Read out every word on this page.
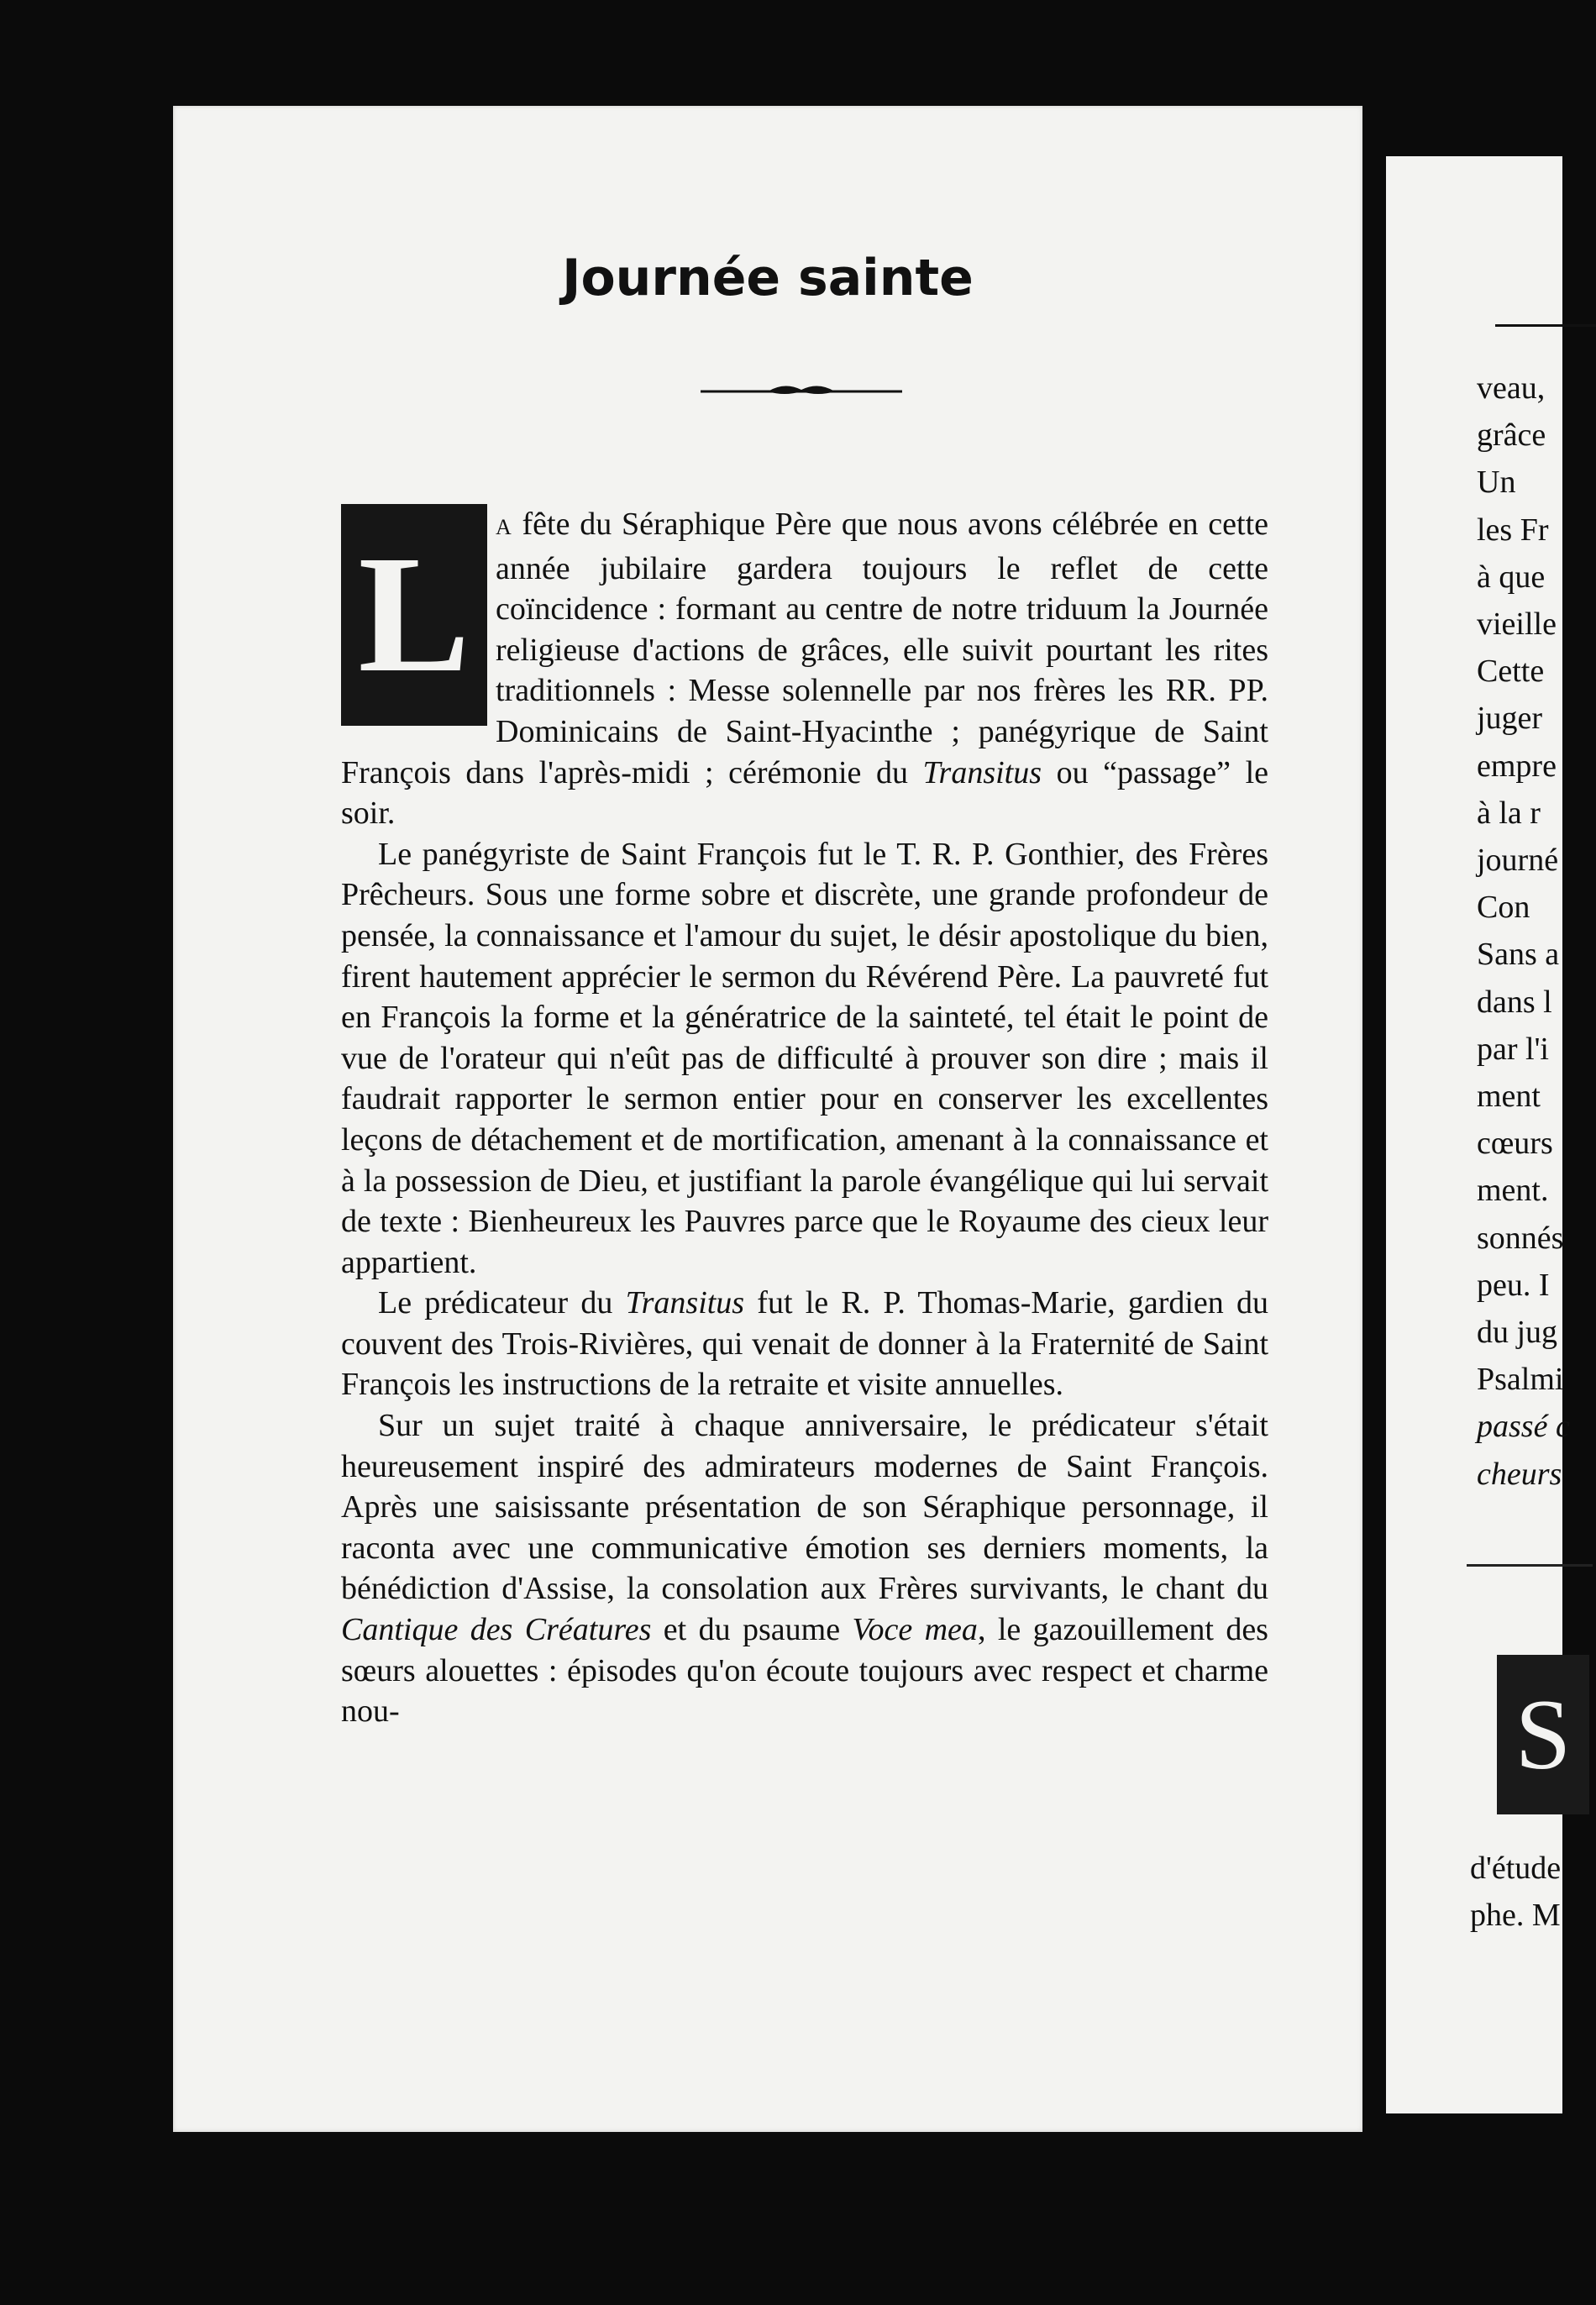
veau,
grâce
Un
les Fr
à que
vieille
Cette
juger
empre
à la r
journé
Con
Sans a
dans l
par l'i
ment
cœurs
ment.
sonnés
peu. I
du jug
Psalmi
passé c
cheurs
S
d'étude
phe. M
Journée sainte

L	A fête du Séraphique Père que nous avons célébrée en cette année jubilaire gardera toujours le reflet de cette coïncidence : formant au centre de notre triduum la Journée religieuse d'actions de grâces, elle suivit pourtant les rites traditionnels : Messe solennelle par nos frères les RR. PP. Dominicains de Saint-Hyacinthe ; panégyrique de Saint François dans l'après-midi ; cérémonie du Transitus ou “passage” le soir.

Le panégyriste de Saint François fut le T. R. P. Gonthier, des Frères Prêcheurs. Sous une forme sobre et discrète, une grande profondeur de pensée, la connaissance et l'amour du sujet, le désir apostolique du bien, firent hautement apprécier le sermon du Révérend Père. La pauvreté fut en François la forme et la génératrice de la sainteté, tel était le point de vue de l'orateur qui n'eût pas de difficulté à prouver son dire ; mais il faudrait rapporter le sermon entier pour en conserver les excellentes leçons de détachement et de mortification, amenant à la connaissance et à la possession de Dieu, et justifiant la parole évangélique qui lui servait de texte : Bienheureux les Pauvres parce que le Royaume des cieux leur appartient.

Le prédicateur du Transitus fut le R. P. Thomas-Marie, gardien du couvent des Trois-Rivières, qui venait de donner à la Fraternité de Saint François les instructions de la retraite et visite annuelles.

Sur un sujet traité à chaque anniversaire, le prédicateur s'était heureusement inspiré des admirateurs modernes de Saint François. Après une saisissante présentation de son Séraphique personnage, il raconta avec une communicative émotion ses derniers moments, la bénédiction d'Assise, la consolation aux Frères survivants, le chant du Cantique des Créatures et du psaume Voce mea, le gazouillement des sœurs alouettes : épisodes qu'on écoute toujours avec respect et charme nou-
